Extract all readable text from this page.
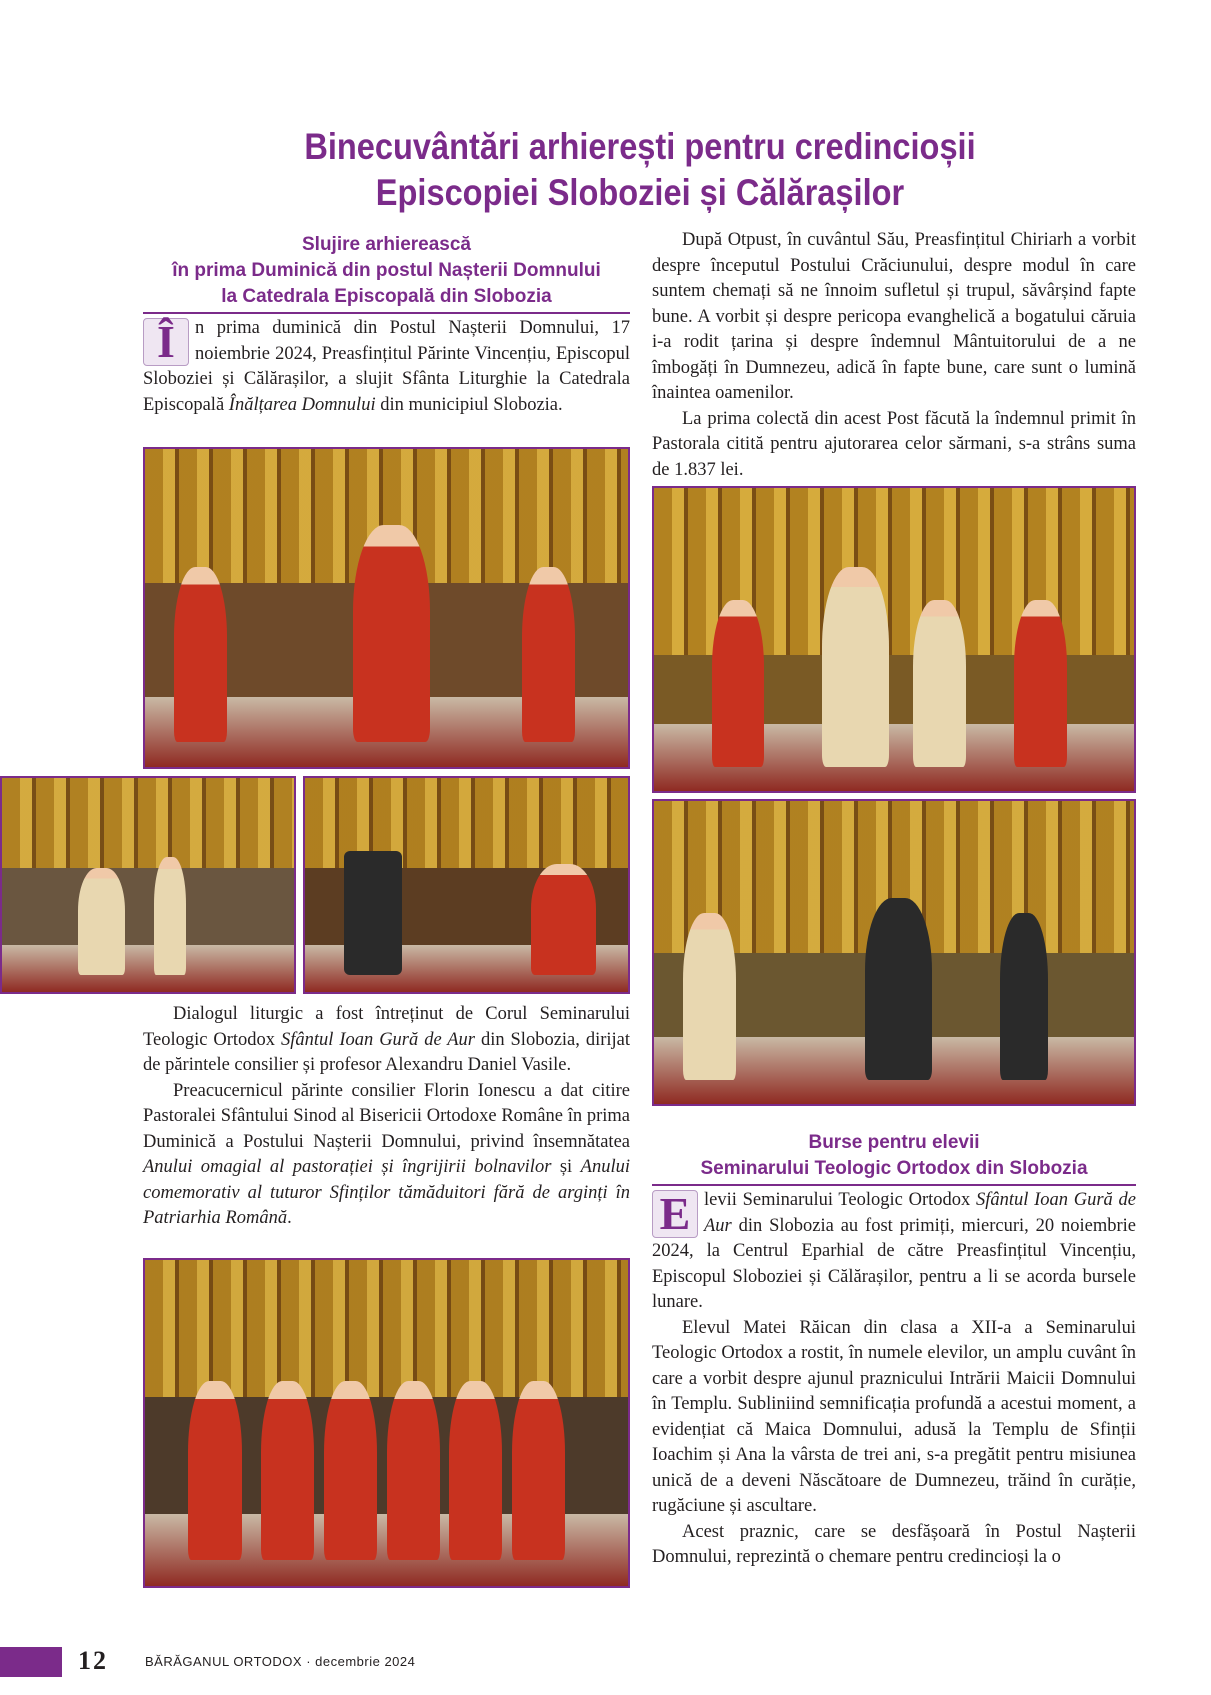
Binecuvântări arhierești pentru credincioșii
Episcopiei Sloboziei și Călărașilor
Slujire arhierească
în prima Duminică din postul Nașterii Domnului
la Catedrala Episcopală din Slobozia

Î	n prima duminică din Postul Nașterii Domnului, 17 noiembrie 2024, Preasfințitul Părinte Vincențiu, Episcopul Sloboziei și Călărașilor, a slujit Sfânta Liturghie la Catedrala Episcopală Înălțarea Domnului din municipiul Slobozia.

Dialogul liturgic a fost întreținut de Corul Seminarului Teologic Ortodox Sfântul Ioan Gură de Aur din Slobozia, dirijat de părintele consilier și profesor Alexandru Daniel Vasile.

Preacucernicul părinte consilier Florin Ionescu a dat citire Pastoralei Sfântului Sinod al Bisericii Ortodoxe Române în prima Duminică a Postului Nașterii Domnului, privind însemnătatea Anului omagial al pastorației și îngrijirii bolnavilor și Anului comemorativ al tuturor Sfinților tămăduitori fără de arginți în Patriarhia Română.

După Otpust, în cuvântul Său, Preasfințitul Chiriarh a vorbit despre începutul Postului Crăciunului, despre modul în care suntem chemați să ne înnoim sufletul și trupul, săvârșind fapte bune. A vorbit și despre pericopa evanghelică a bogatului căruia i-a rodit țarina și despre îndemnul Mântuitorului de a ne îmbogăți în Dumnezeu, adică în fapte bune, care sunt o lumină înaintea oamenilor.

La prima colectă din acest Post făcută la îndemnul primit în Pastorala citită pentru ajutorarea celor sărmani, s-a strâns suma de 1.837 lei.

Burse pentru elevii
Seminarului Teologic Ortodox din Slobozia

E levii Seminarului Teologic Ortodox Sfântul Ioan Gură de Aur din Slobozia au fost primiți, miercuri, 20 noiembrie 2024, la Centrul Eparhial de către Preasfințitul Vincențiu, Episcopul Sloboziei și Călărașilor, pentru a li se acorda bursele lunare.

Elevul Matei Răican din clasa a XII-a a Seminarului Teologic Ortodox a rostit, în numele elevilor, un amplu cuvânt în care a vorbit despre ajunul praznicului Intrării Maicii Domnului în Templu. Subliniind semnificația profundă a acestui moment, a evidențiat că Maica Domnului, adusă la Templu de Sfinții Ioachim și Ana la vârsta de trei ani, s-a pregătit pentru misiunea unică de a deveni Născătoare de Dumnezeu, trăind în curăție, rugăciune și ascultare.

Acest praznic, care se desfășoară în Postul Nașterii Domnului, reprezintă o chemare pentru credincioși la o

12	BĂRĂGANUL ORTODOX · decembrie 2024
